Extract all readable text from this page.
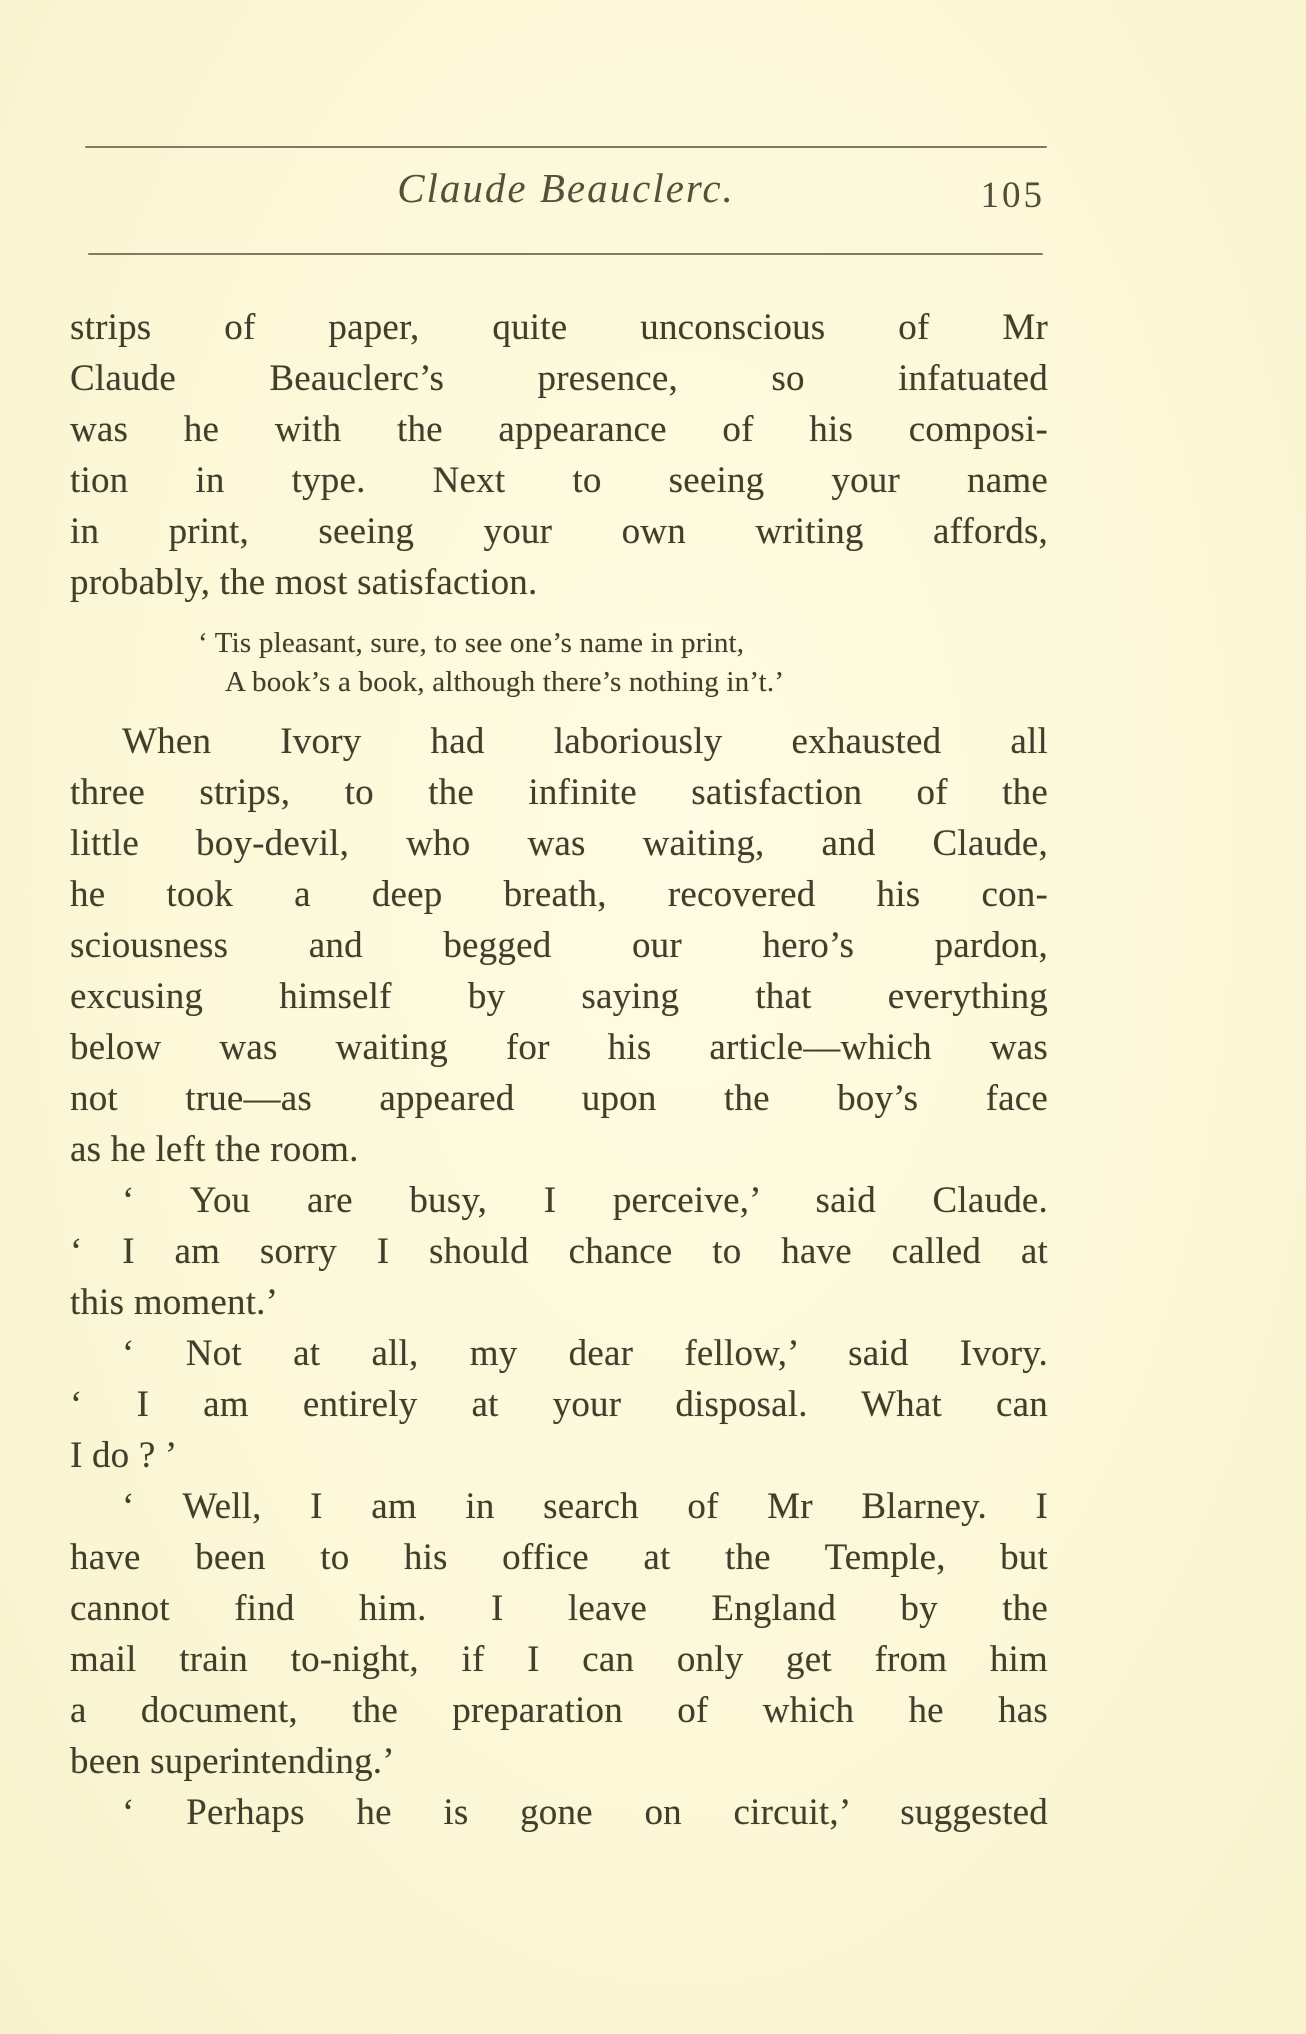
Claude Beauclerc.	105
strips of paper, quite unconscious of Mr
Claude Beauclerc’s presence, so infatuated
was he with the appearance of his composi-
tion in type. Next to seeing your name
in print, seeing your own writing affords,
probably, the most satisfaction.
‘ Tis pleasant, sure, to see one’s name in print,
A book’s a book, although there’s nothing in’t.’
When Ivory had laboriously exhausted all
three strips, to the infinite satisfaction of the
little boy-devil, who was waiting, and Claude,
he took a deep breath, recovered his con-
sciousness and begged our hero’s pardon,
excusing himself by saying that everything
below was waiting for his article—which was
not true—as appeared upon the boy’s face
as he left the room.
‘ You are busy, I perceive,’ said Claude.
‘ I am sorry I should chance to have called at
this moment.’
‘ Not at all, my dear fellow,’ said Ivory.
‘ I am entirely at your disposal. What can
I do ? ’
‘ Well, I am in search of Mr Blarney. I
have been to his office at the Temple, but
cannot find him. I leave England by the
mail train to-night, if I can only get from him
a document, the preparation of which he has
been superintending.’
‘ Perhaps he is gone on circuit,’ suggested
